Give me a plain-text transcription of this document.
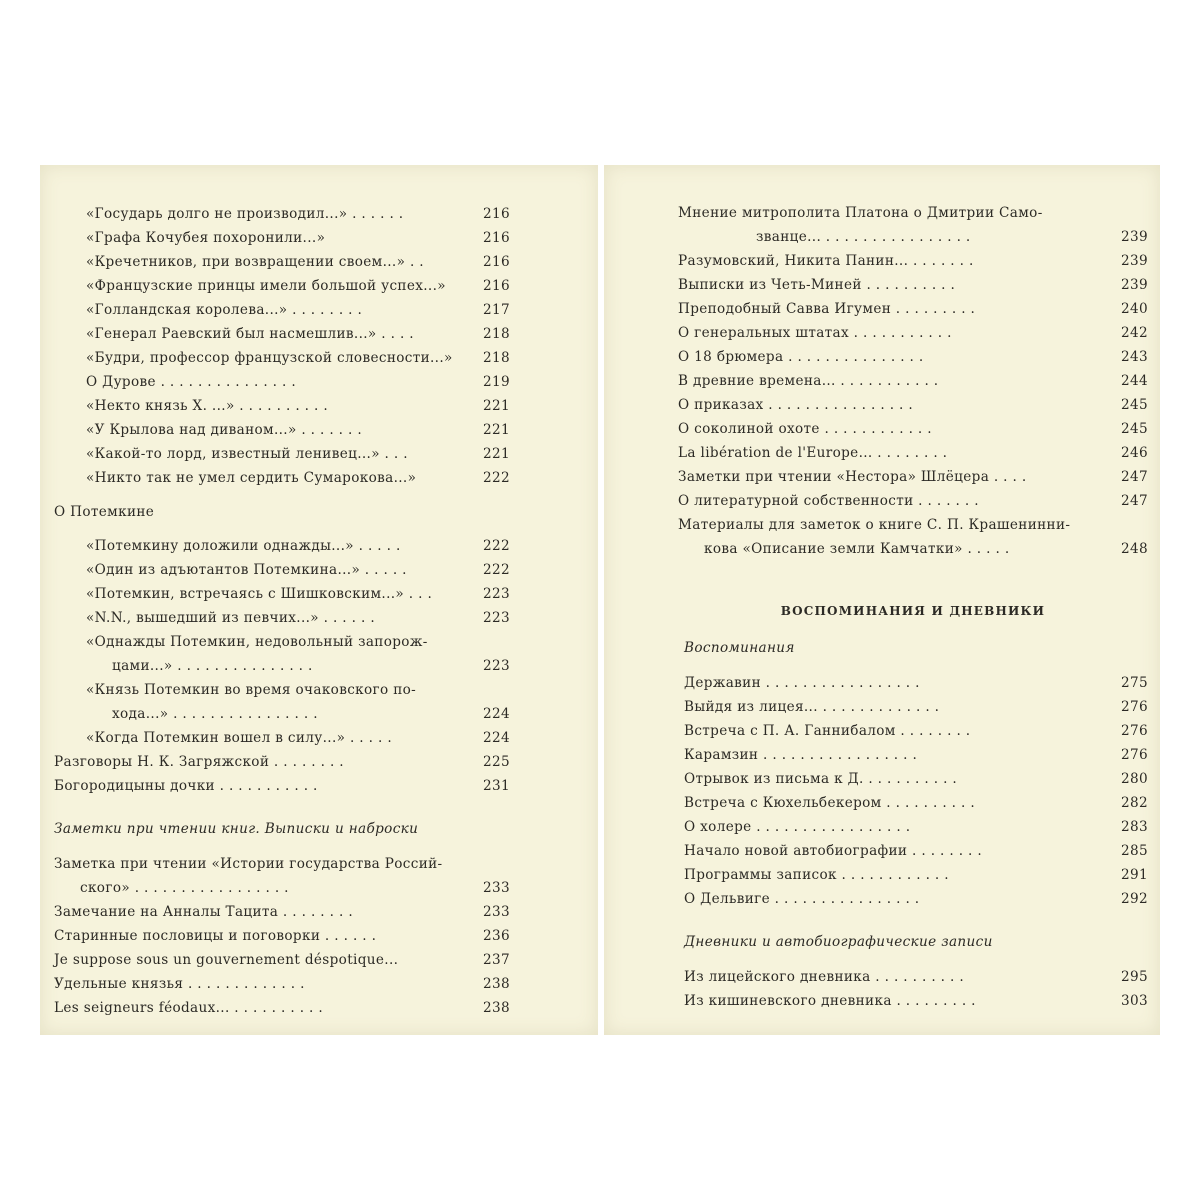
«Государь долго не производил...» . . . . . .	216
«Графа Кочубея похоронили...»	216
«Кречетников, при возвращении своем...» . .	216
«Французские принцы имели большой успех...»	216
«Голландская королева...» . . . . . . . .	217
«Генерал Раевский был насмешлив...» . . . .	218
«Будри, профессор французской словесности...» 218
О Дурове . . . . . . . . . . . . . . .	219
«Некто князь Х. ...» . . . . . . . . . .	221
«У Крылова над диваном...» . . . . . . .	221
«Какой-то лорд, известный ленивец...» . . .	221
«Никто так не умел сердить Сумарокова...»	222
О Потемкине
«Потемкину доложили однажды...» . . . . .	222
«Один из адъютантов Потемкина...» . . . . .	222
«Потемкин, встречаясь с Шишковским...» . . .	223
«N.N., вышедший из певчих...» . . . . . .	223
«Однажды Потемкин, недовольный запорож-
цами...» . . . . . . . . . . . . . . .	223
«Князь Потемкин во время очаковского по-
хода...» . . . . . . . . . . . . . . . .	224
«Когда Потемкин вошел в силу...» . . . . .	224
Разговоры Н. К. Загряжской . . . . . . . .	225
Богородицыны дочки . . . . . . . . . . .	231
Заметки при чтении книг. Выписки и наброски
Заметка при чтении «Истории государства Россий-
ского» . . . . . . . . . . . . . . . . .	233
Замечание на Анналы Тацита . . . . . . . .	233
Старинные пословицы и поговорки . . . . . .	236
Je suppose sous un gouvernement déspotique...	237
Удельные князья . . . . . . . . . . . . .	238
Les seigneurs féodaux... . . . . . . . . . .	238
Мнение митрополита Платона о Дмитрии Само-
званце... . . . . . . . . . . . . . . . .	239
Разумовский, Никита Панин... . . . . . . .	239
Выписки из Четь-Миней . . . . . . . . . .	239
Преподобный Савва Игумен . . . . . . . . .	240
О генеральных штатах . . . . . . . . . . .	242
О 18 брюмера . . . . . . . . . . . . . . .	243
В древние времена... . . . . . . . . . . .	244
О приказах . . . . . . . . . . . . . . . .	245
О соколиной охоте . . . . . . . . . . . .	245
La libération de l'Europe... . . . . . . . .	246
Заметки при чтении «Нестора» Шлёцера . . . .	247
О литературной собственности . . . . . . .	247
Материалы для заметок о книге С. П. Крашенинни-
кова «Описание земли Камчатки» . . . . .	248
ВОСПОМИНАНИЯ И ДНЕВНИКИ
Воспоминания
Державин . . . . . . . . . . . . . . . . .	275
Выйдя из лицея... . . . . . . . . . . . . .	276
Встреча с П. А. Ганнибалом . . . . . . . .	276
Карамзин . . . . . . . . . . . . . . . . .	276
Отрывок из письма к Д. . . . . . . . . . .	280
Встреча с Кюхельбекером . . . . . . . . . .	282
О холере . . . . . . . . . . . . . . . . .	283
Начало новой автобиографии . . . . . . . .	285
Программы записок . . . . . . . . . . . .	291
О Дельвиге . . . . . . . . . . . . . . . .	292
Дневники и автобиографические записи
Из лицейского дневника . . . . . . . . . .	295
Из кишиневского дневника . . . . . . . . .	303
